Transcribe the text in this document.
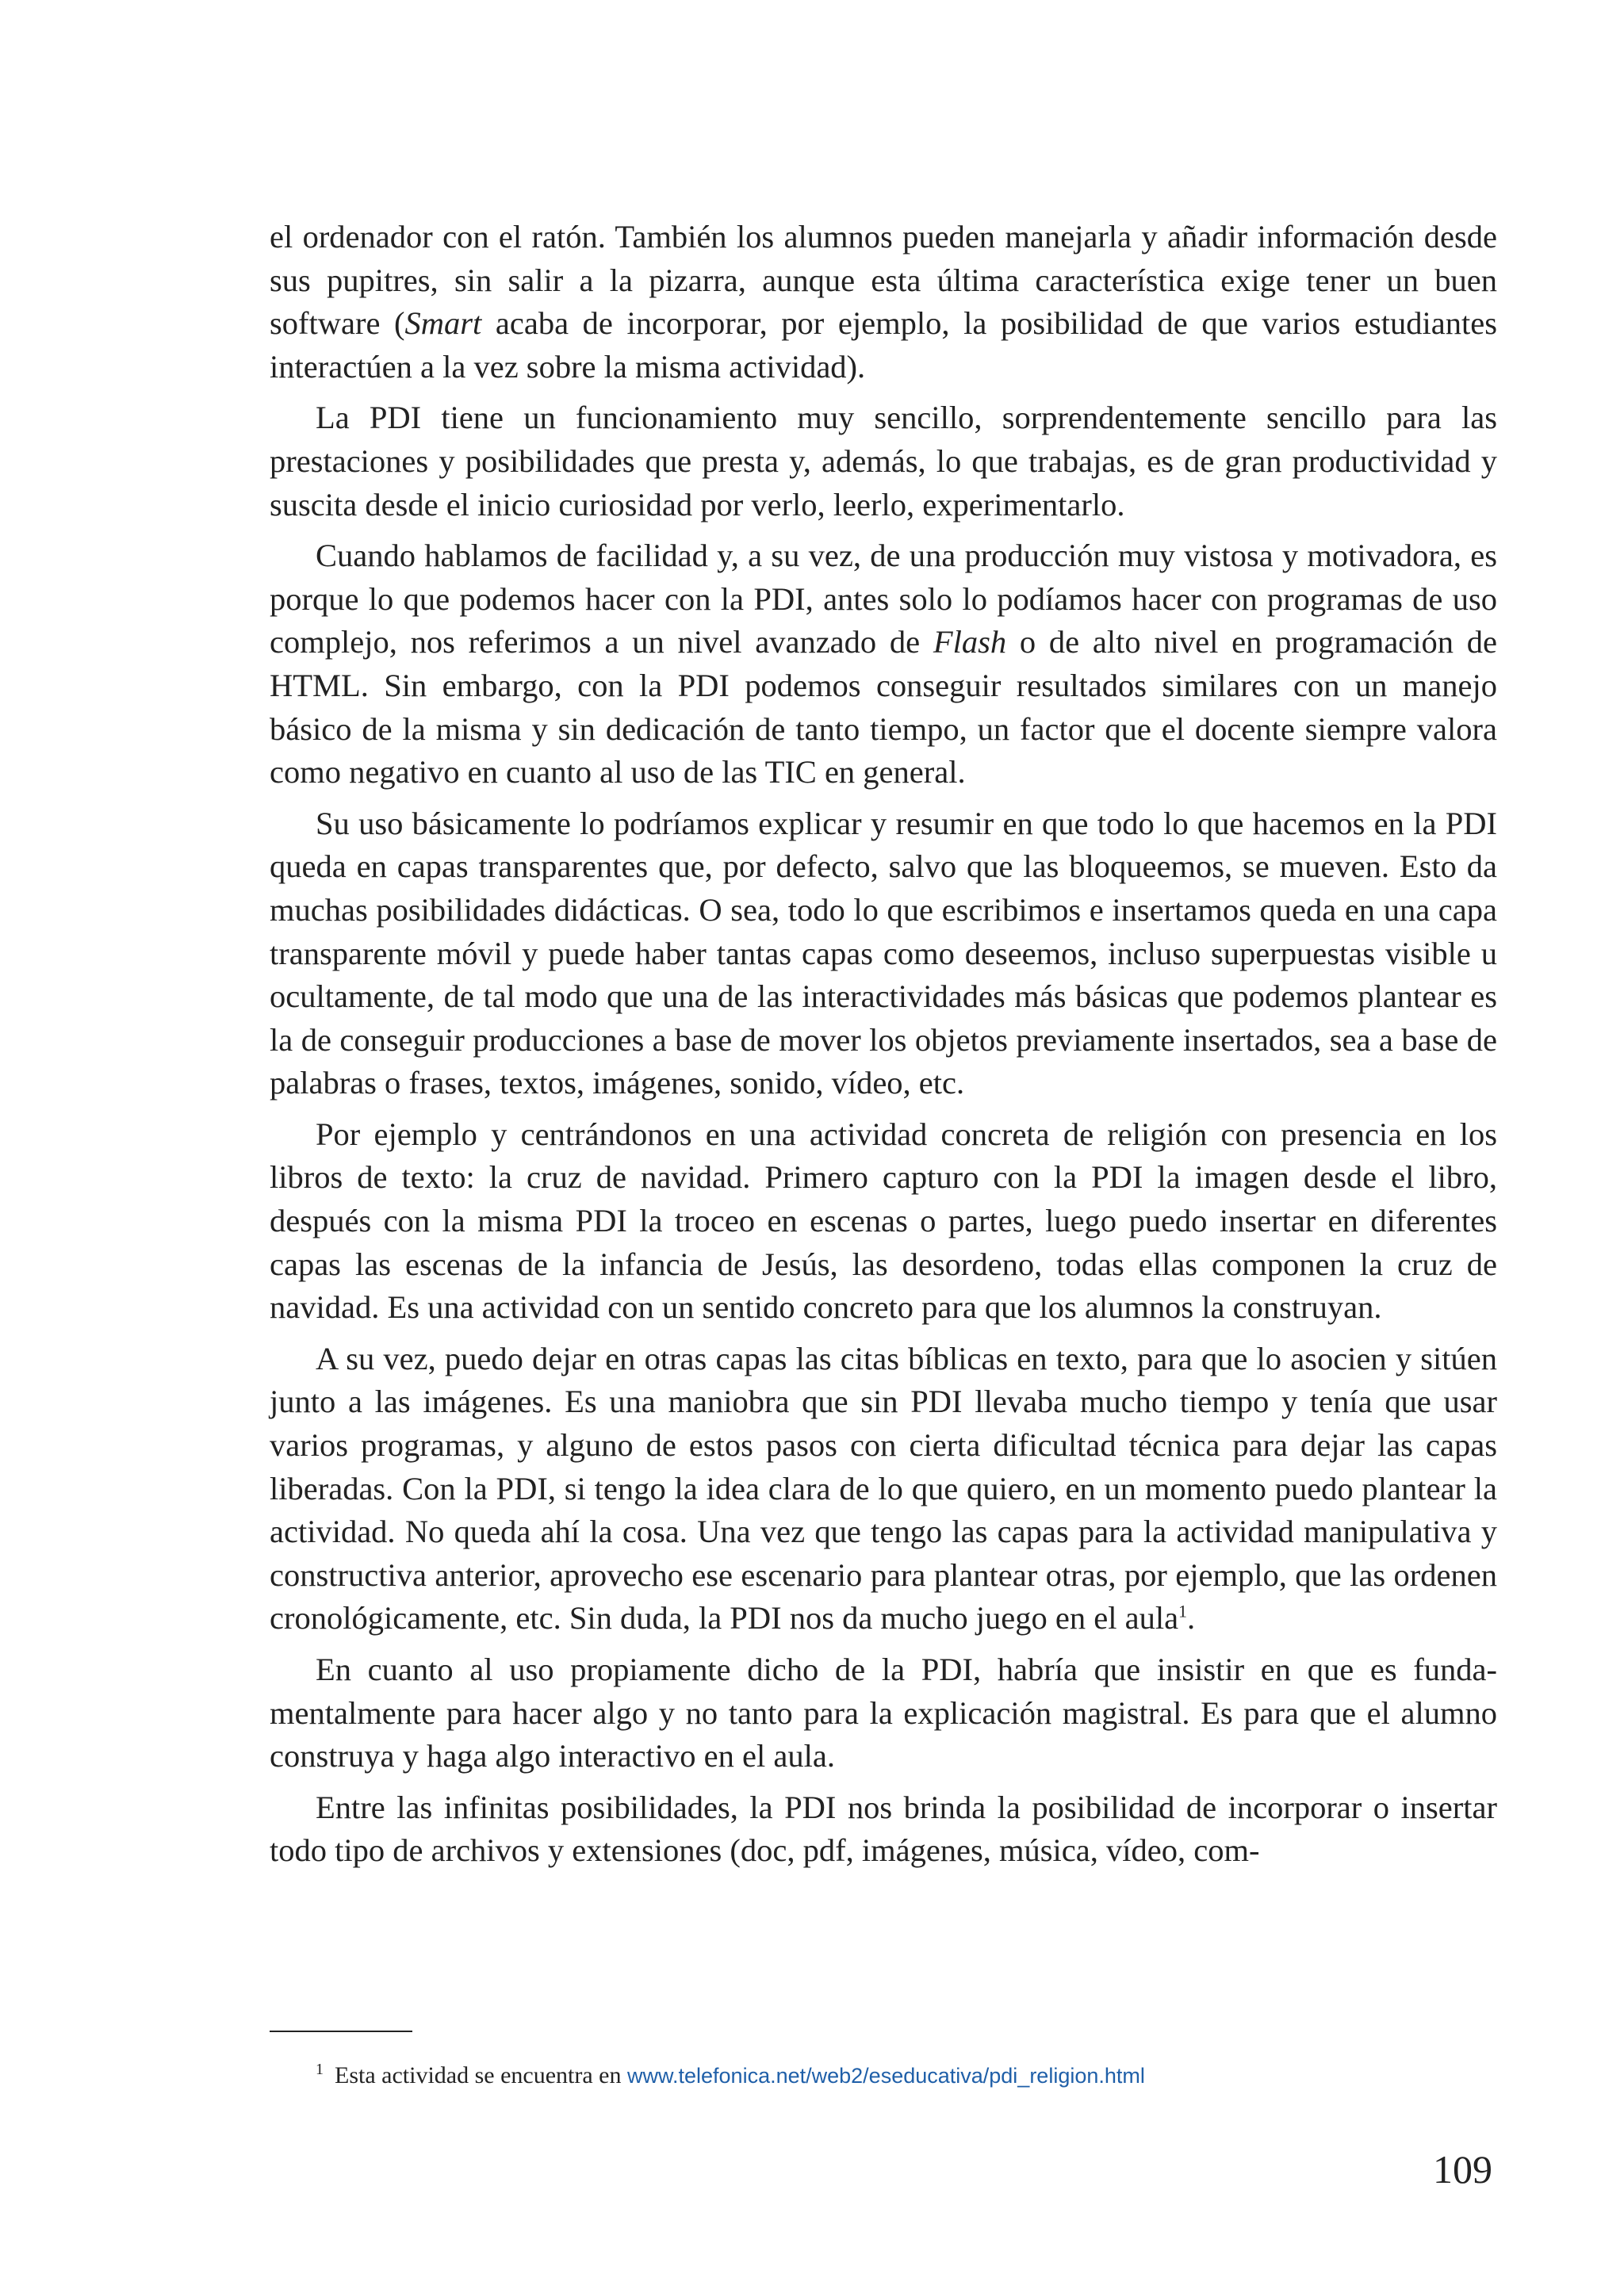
el ordenador con el ratón. También los alumnos pueden manejarla y añadir información desde sus pupitres, sin salir a la pizarra, aunque esta última característica exige tener un buen software (Smart acaba de incorporar, por ejemplo, la posibilidad de que varios estudiantes interactúen a la vez sobre la misma actividad).

La PDI tiene un funcionamiento muy sencillo, sorprendentemente sencillo para las prestaciones y posibilidades que presta y, además, lo que trabajas, es de gran productividad y suscita desde el inicio curiosidad por verlo, leerlo, experimentarlo.

Cuando hablamos de facilidad y, a su vez, de una producción muy vistosa y motivadora, es porque lo que podemos hacer con la PDI, antes solo lo podíamos hacer con programas de uso complejo, nos referimos a un nivel avanzado de Flash o de alto nivel en programación de HTML. Sin embargo, con la PDI podemos conseguir resultados similares con un manejo básico de la misma y sin dedicación de tanto tiempo, un factor que el docente siempre valora como negativo en cuanto al uso de las TIC en general.

Su uso básicamente lo podríamos explicar y resumir en que todo lo que hacemos en la PDI queda en capas transparentes que, por defecto, salvo que las bloqueemos, se mueven. Esto da muchas posibilidades didácticas. O sea, todo lo que escribimos e insertamos queda en una capa transparente móvil y puede haber tantas capas como deseemos, incluso superpuestas visible u ocultamente, de tal modo que una de las interactividades más básicas que podemos plantear es la de conseguir producciones a base de mover los objetos previamente insertados, sea a base de palabras o frases, textos, imágenes, sonido, vídeo, etc.

Por ejemplo y centrándonos en una actividad concreta de religión con presencia en los libros de texto: la cruz de navidad. Primero capturo con la PDI la imagen desde el libro, después con la misma PDI la troceo en escenas o partes, luego puedo insertar en diferentes capas las escenas de la infancia de Jesús, las desordeno, todas ellas componen la cruz de navidad. Es una actividad con un sentido concreto para que los alumnos la construyan.

A su vez, puedo dejar en otras capas las citas bíblicas en texto, para que lo asocien y sitúen junto a las imágenes. Es una maniobra que sin PDI llevaba mucho tiempo y tenía que usar varios programas, y alguno de estos pasos con cierta dificultad técnica para dejar las capas liberadas. Con la PDI, si tengo la idea clara de lo que quiero, en un momento puedo plantear la actividad. No queda ahí la cosa. Una vez que tengo las capas para la actividad manipulativa y constructiva anterior, aprovecho ese escenario para plantear otras, por ejemplo, que las ordenen cronológicamente, etc. Sin duda, la PDI nos da mucho juego en el aula$^1$.

En cuanto al uso propiamente dicho de la PDI, habría que insistir en que es fundamentalmente para hacer algo y no tanto para la explicación magistral. Es para que el alumno construya y haga algo interactivo en el aula.

Entre las infinitas posibilidades, la PDI nos brinda la posibilidad de incorporar o insertar todo tipo de archivos y extensiones (doc, pdf, imágenes, música, vídeo, com-

$^1$ Esta actividad se encuentra en www.telefonica.net/web2/eseducativa/pdi_religion.html
109
